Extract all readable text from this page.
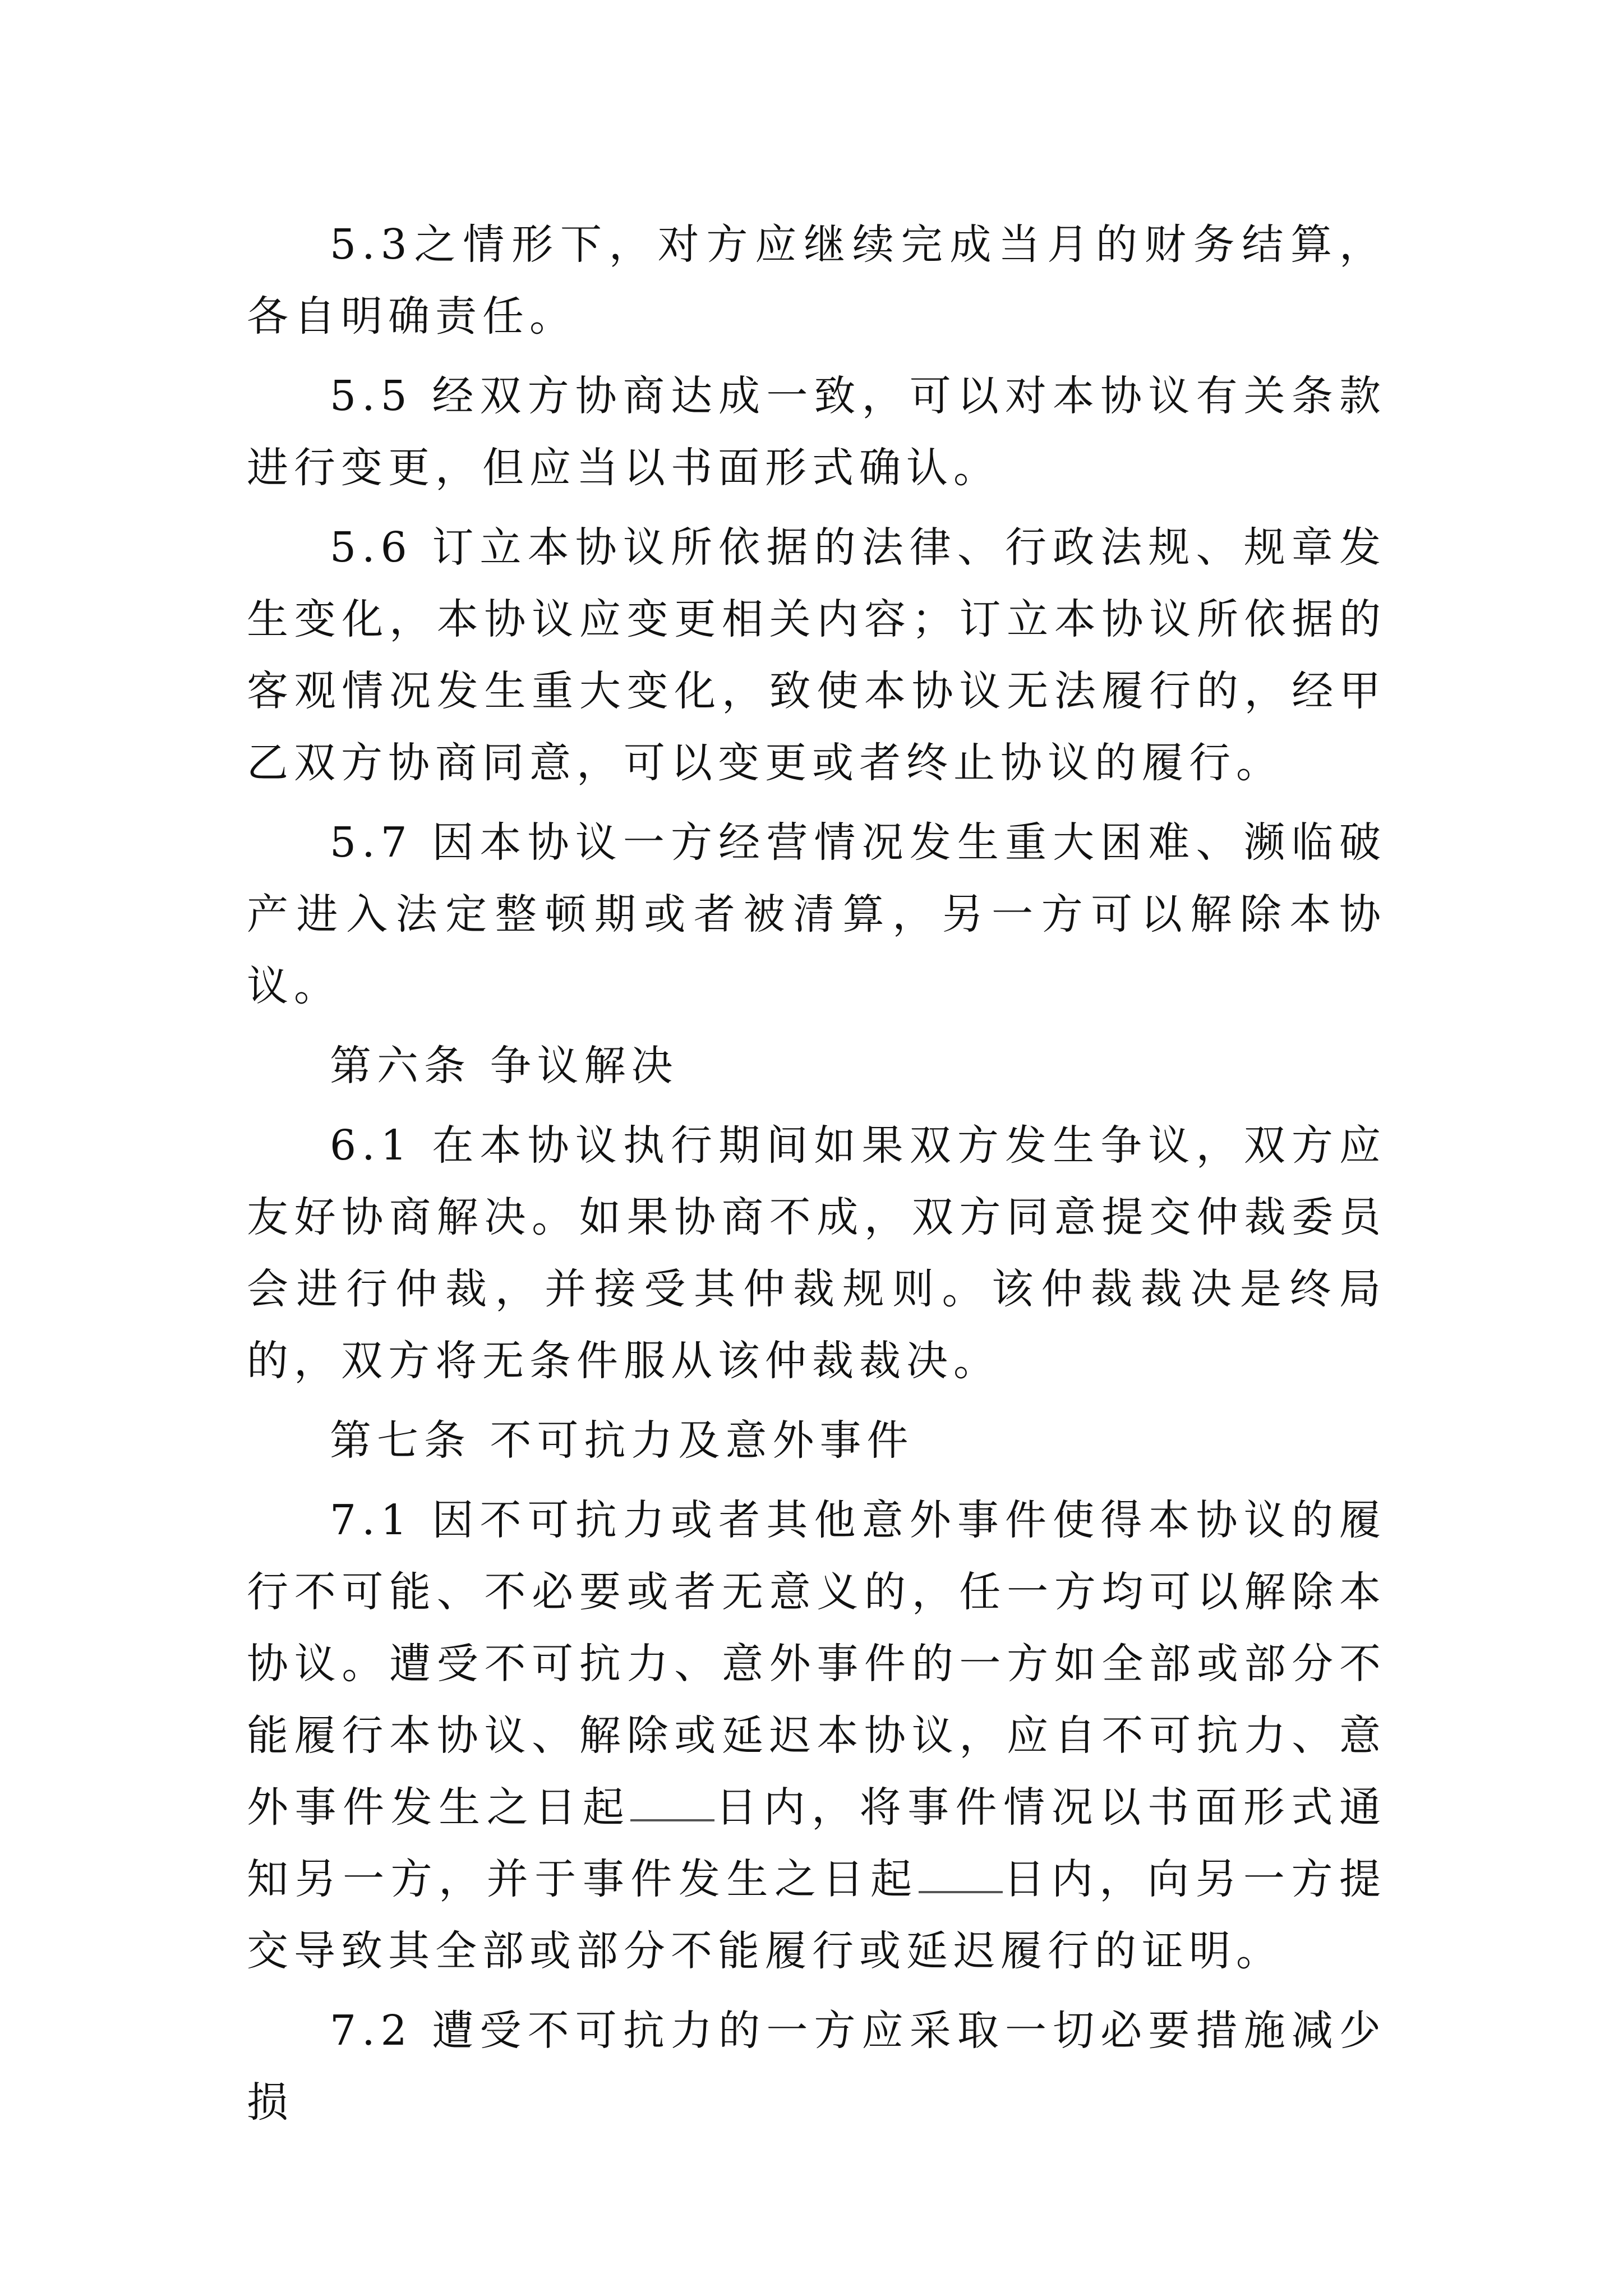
5.3之情形下，对方应继续完成当月的财务结算，各自明确责任。

5.5 经双方协商达成一致，可以对本协议有关条款进行变更，但应当以书面形式确认。

5.6 订立本协议所依据的法律、行政法规、规章发生变化，本协议应变更相关内容；订立本协议所依据的客观情况发生重大变化，致使本协议无法履行的，经甲乙双方协商同意，可以变更或者终止协议的履行。

5.7 因本协议一方经营情况发生重大困难、濒临破产进入法定整顿期或者被清算，另一方可以解除本协议。

第六条 争议解决

6.1 在本协议执行期间如果双方发生争议，双方应友好协商解决。如果协商不成，双方同意提交仲裁委员会进行仲裁，并接受其仲裁规则。该仲裁裁决是终局的，双方将无条件服从该仲裁裁决。

第七条 不可抗力及意外事件

7.1 因不可抗力或者其他意外事件使得本协议的履行不可能、不必要或者无意义的，任一方均可以解除本协议。遭受不可抗力、意外事件的一方如全部或部分不能履行本协议、解除或延迟本协议，应自不可抗力、意外事件发生之日起 日内，将事件情况以书面形式通知另一方，并于事件发生之日起 日内，向另一方提交导致其全部或部分不能履行或延迟履行的证明。

7.2 遭受不可抗力的一方应采取一切必要措施减少损
